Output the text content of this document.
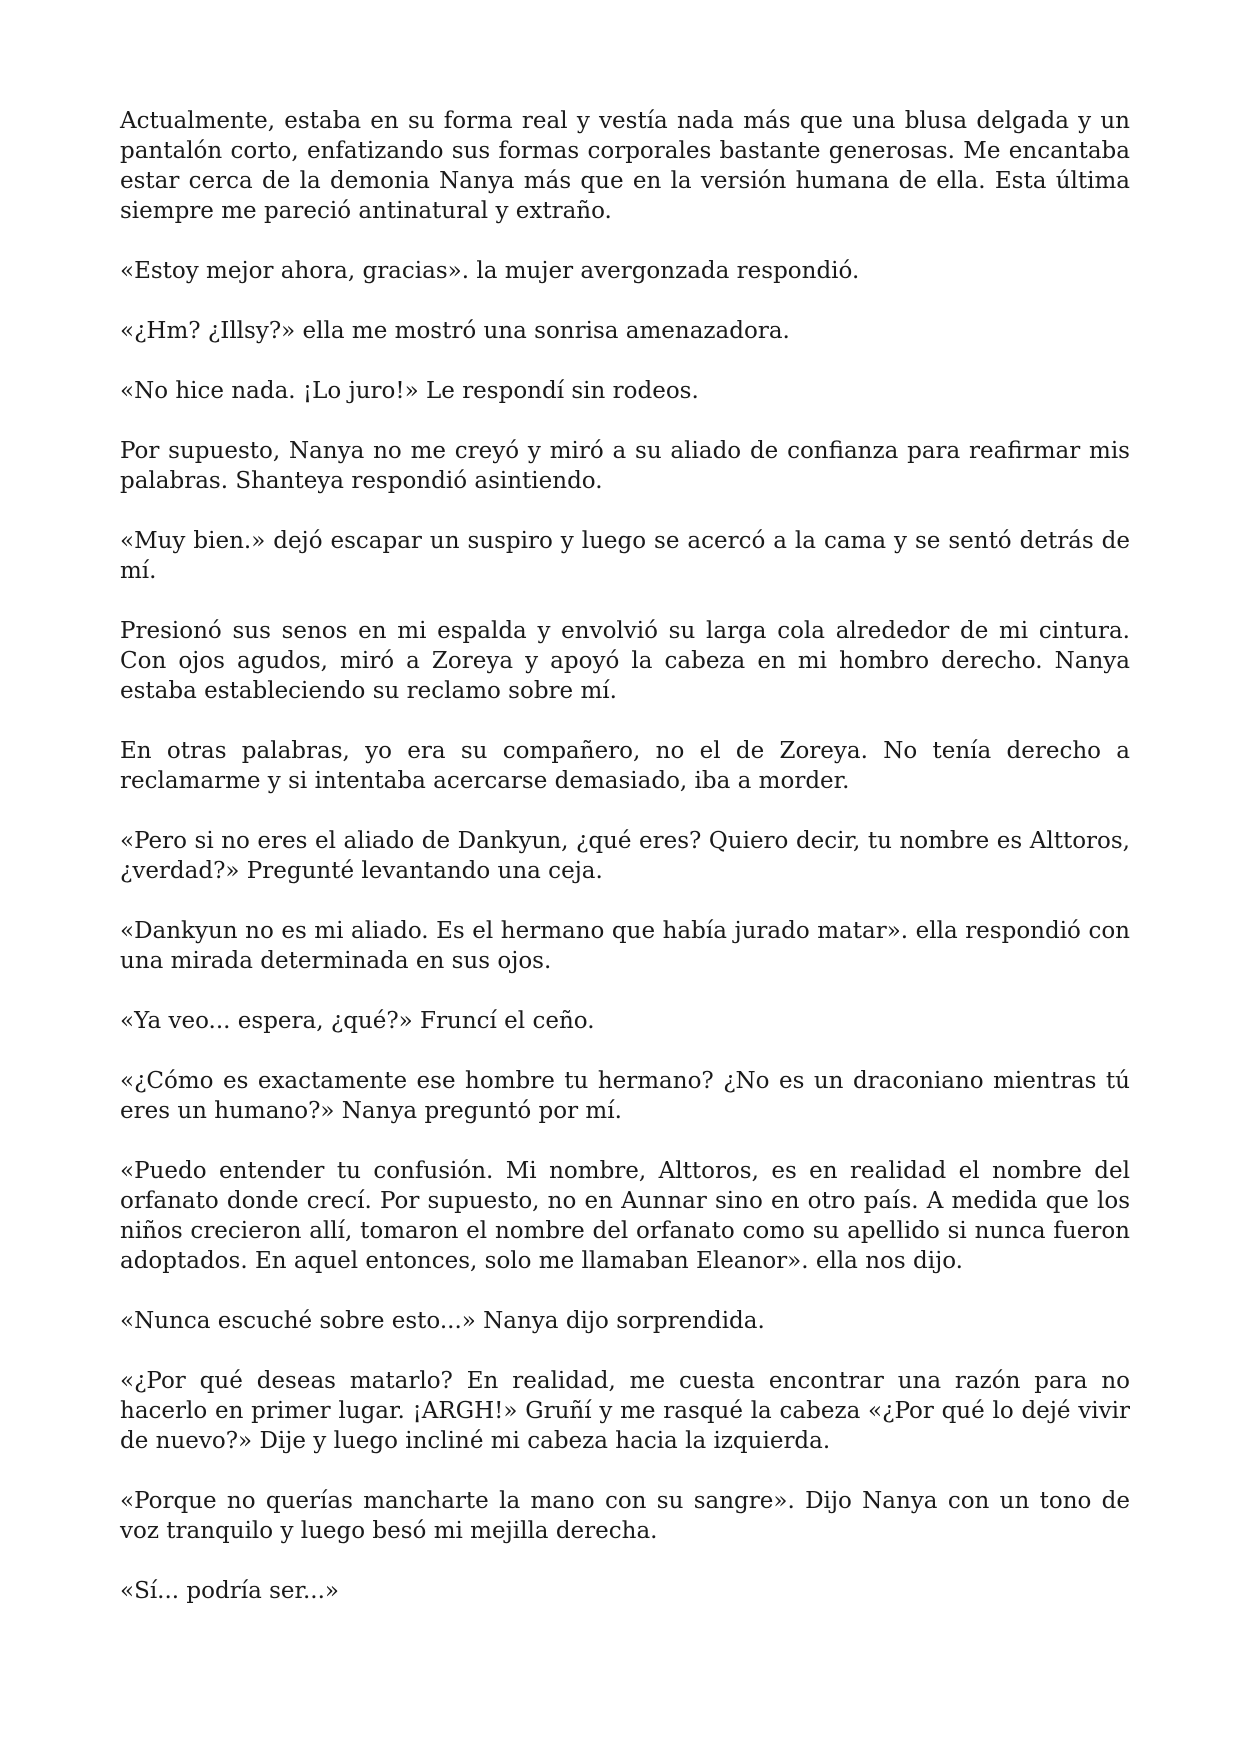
Actualmente, estaba en su forma real y vestía nada más que una blusa delgada y un pantalón corto, enfatizando sus formas corporales bastante generosas. Me encantaba estar cerca de la demonia Nanya más que en la versión humana de ella. Esta última siempre me pareció antinatural y extraño.

«Estoy mejor ahora, gracias». la mujer avergonzada respondió.

«¿Hm? ¿Illsy?» ella me mostró una sonrisa amenazadora.

«No hice nada. ¡Lo juro!» Le respondí sin rodeos.

Por supuesto, Nanya no me creyó y miró a su aliado de confianza para reafirmar mis palabras. Shanteya respondió asintiendo.

«Muy bien.» dejó escapar un suspiro y luego se acercó a la cama y se sentó detrás de mí.

Presionó sus senos en mi espalda y envolvió su larga cola alrededor de mi cintura. Con ojos agudos, miró a Zoreya y apoyó la cabeza en mi hombro derecho. Nanya estaba estableciendo su reclamo sobre mí.

En otras palabras, yo era su compañero, no el de Zoreya. No tenía derecho a reclamarme y si intentaba acercarse demasiado, iba a morder.

«Pero si no eres el aliado de Dankyun, ¿qué eres? Quiero decir, tu nombre es Alttoros, ¿verdad?» Pregunté levantando una ceja.

«Dankyun no es mi aliado. Es el hermano que había jurado matar». ella respondió con una mirada determinada en sus ojos.

«Ya veo... espera, ¿qué?» Fruncí el ceño.

«¿Cómo es exactamente ese hombre tu hermano? ¿No es un draconiano mientras tú eres un humano?» Nanya preguntó por mí.

«Puedo entender tu confusión. Mi nombre, Alttoros, es en realidad el nombre del orfanato donde crecí. Por supuesto, no en Aunnar sino en otro país. A medida que los niños crecieron allí, tomaron el nombre del orfanato como su apellido si nunca fueron adoptados. En aquel entonces, solo me llamaban Eleanor». ella nos dijo.

«Nunca escuché sobre esto...» Nanya dijo sorprendida.

«¿Por qué deseas matarlo? En realidad, me cuesta encontrar una razón para no hacerlo en primer lugar. ¡ARGH!» Gruñí y me rasqué la cabeza «¿Por qué lo dejé vivir de nuevo?» Dije y luego incliné mi cabeza hacia la izquierda.

«Porque no querías mancharte la mano con su sangre». Dijo Nanya con un tono de voz tranquilo y luego besó mi mejilla derecha.

«Sí... podría ser...»
